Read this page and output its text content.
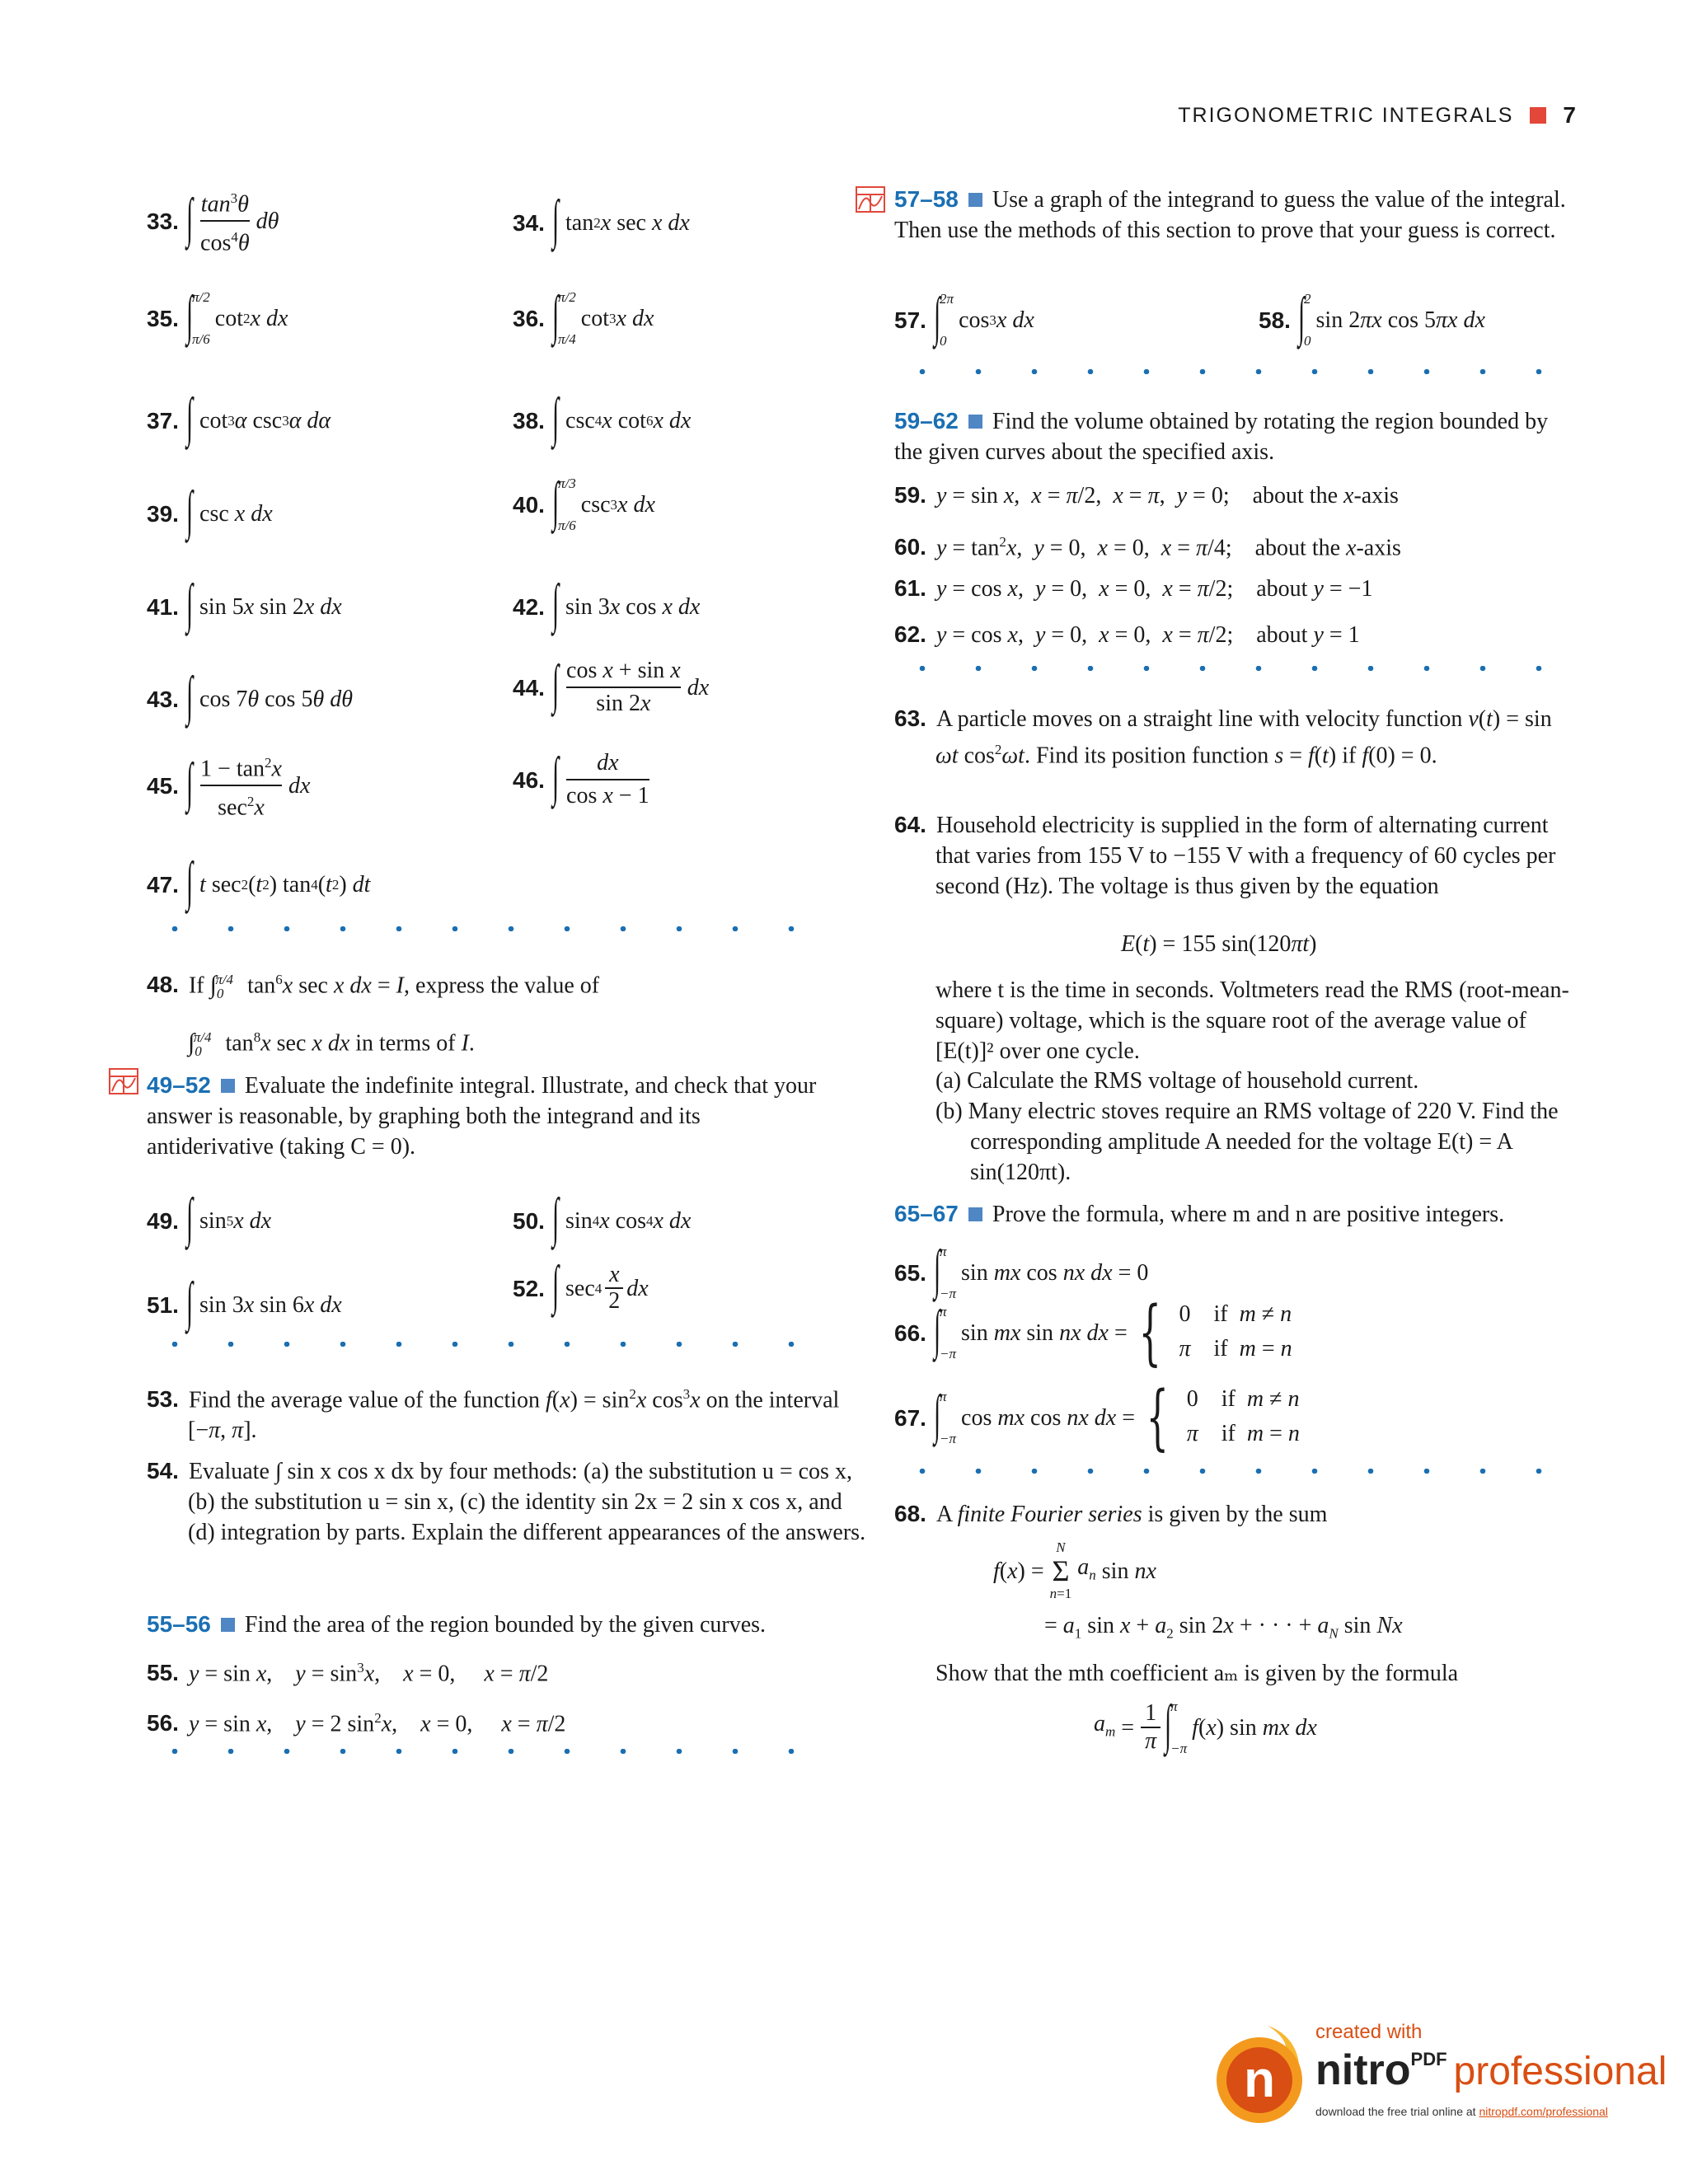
TRIGONOMETRIC INTEGRALS 7
33. ∫ $\frac{\tan^3\theta}{\cos^4\theta}$ dθ	34. ∫ tan 2 x sec x
dx
35. ∫
π/2
π/6
cot 2 x
dx	36. ∫
π/2
π/4
cot 3 x
dx
37. ∫ cot 3 α csc 3 α
dα	38. ∫ csc 4 x cot 6 x
dx
39. ∫ csc x
dx	40. ∫
π/3
π/6
csc 3 x
dx
41. ∫ sin 5 x sin 2 x
dx	42. ∫ sin 3 x cos x
dx
43. ∫ cos 7 θ cos 5 θ
dθ	44. ∫ $\frac{\text{cos x + sin x}}{\sin 2x}$ dx
45. ∫ $\frac{1 - \tan^2x}{\sec^2x}$ dx	46. ∫ $\frac{dx}{\text{cos x − 1}}$
47. ∫
t sec 2 ( t 2 ) tan 4 ( t 2 ) dt
48. If $\int_0^{\pi/4}$ $\tan^6x$ sec x dx = I, express the value of
$\int_0^{\pi/4}$ $\tan^8x$ sec x dx in terms of I.
49–52 Evaluate the indefinite integral. Illustrate, and check that your answer is reasonable, by graphing both the integrand and its antiderivative (taking C = 0).
49. ∫ sin 5 x
dx	50. ∫ sin 4 x cos 4 x
dx
51. ∫ sin 3 x sin 6 x
dx
52. ∫ $\sec 4 \frac{x}{2}$ dx
53. Find the average value of the function $f(x) = \sin^2x$ $\cos^3x$ on the interval [−π, π].
54. Evaluate ∫ sin x cos x dx by four methods: (a) the substitution u = cos x, (b) the substitution u = sin x, (c) the identity sin 2x = 2 sin x cos x, and (d) integration by parts. Explain the different appearances of the answers.
55–56 Find the area of the region bounded by the given curves.
55. y = sin x,    $y = \sin^3x$,    x = 0,     x = π/2
56. y = sin x,    y = 2 $\sin^2x$,    x = 0,     x = π/2
57–58 Use a graph of the integrand to guess the value of the integral. Then use the methods of this section to prove that your guess is correct.
57. ∫
2π
0
cos 3 x
dx	58. ∫
2
0
sin 2 πx cos 5 πx
dx
59–62 Find the volume obtained by rotating the region bounded by the given curves about the specified axis.
59. y = sin x,  x = π/2,  x = π,  y = 0;    about the x-axis
60. $y = \tan^2x$,  y = 0,  x = 0,  x = π/4;    about the x-axis
61. y = cos x,  y = 0,  x = 0,  x = π/2;    about y = −1
62. y = cos x,  y = 0,  x = 0,  x = π/2;    about y = 1
63. A particle moves on a straight line with velocity function v(t) = sin ωt $\cos^2\omega t$. Find its position function s = f(t) if f(0) = 0.
64. Household electricity is supplied in the form of alternating current that varies from 155 V to −155 V with a frequency of 60 cycles per second (Hz). The voltage is thus given by the equation
E(t) = 155 sin(120πt)
where t is the time in seconds. Voltmeters read the RMS (root-mean-square) voltage, which is the square root of the average value of [E(t)]² over one cycle.
(a) Calculate the RMS voltage of household current.
(b) Many electric stoves require an RMS voltage of 220 V. Find the corresponding amplitude A needed for the voltage E(t) = A sin(120πt).
65–67 Prove the formula, where m and n are positive integers.
65. ∫
π
−π
sin mx cos nx
dx = 0
66. ∫
π
−π
sin mx sin nx
dx = { 0    if  m ≠ n
π    if  m = n
67. ∫
π
−π
cos mx cos nx
dx = { 0    if  m ≠ n
π    if  m = n
68. A finite Fourier series is given by the sum
f ( x ) =
N
Σ
n=1

$a_n$ sin nx
= $a_1$ $\sin x + a_2$ sin 2x + · · · + $a_N$ sin Nx
Show that the mth coefficient aₘ is given by the formula
$a_m = \frac{1}{\pi}$ ∫
π
−π
f ( x ) sin mx
dx
n
created with
nitroPDF professional
download the free trial online at nitropdf.com/professional
